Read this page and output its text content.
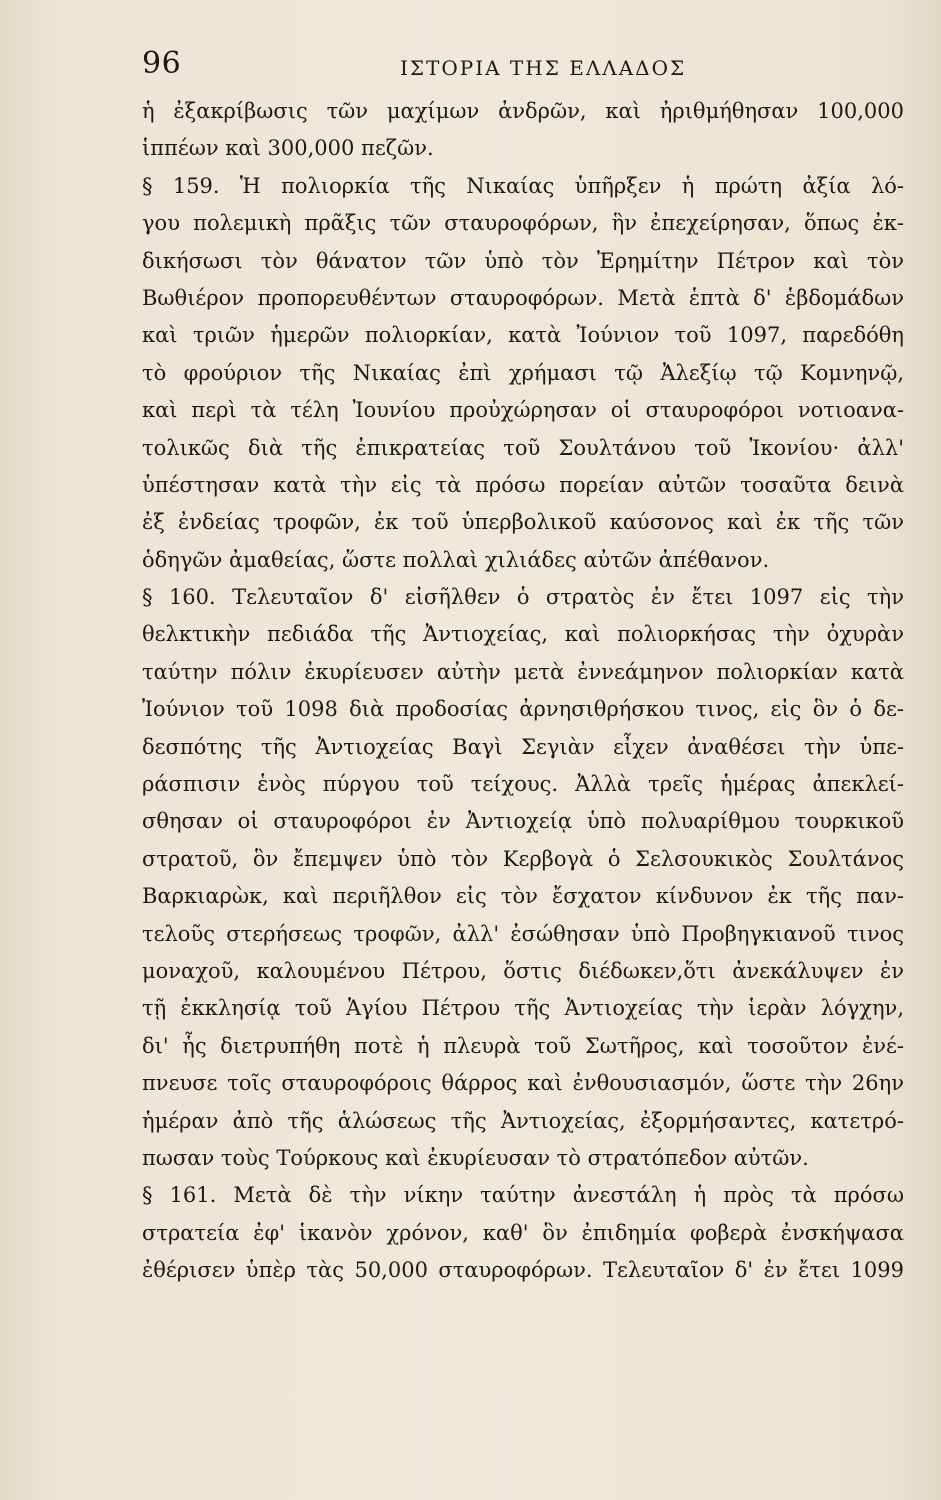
96	ΙΣΤΟΡΙΑ ΤΗΣ ΕΛΛΑΔΟΣ
ἡ ἐξακρίβωσις τῶν μαχίμων ἀνδρῶν, καὶ ἠριθμήθησαν 100,000
ἱππέων καὶ 300,000 πεζῶν.
§ 159. Ἡ πολιορκία τῆς Νικαίας ὑπῆρξεν ἡ πρώτη ἀξία λό-
γου πολεμικὴ πρᾶξις τῶν σταυροφόρων, ἣν ἐπεχείρησαν, ὅπως ἐκ-
δικήσωσι τὸν θάνατον τῶν ὑπὸ τὸν Ἐρημίτην Πέτρον καὶ τὸν
Βωθιέρον προπορευθέντων σταυροφόρων. Μετὰ ἑπτὰ δ' ἑβδομάδων
καὶ τριῶν ἡμερῶν πολιορκίαν, κατὰ Ἰούνιον τοῦ 1097, παρεδόθη
τὸ φρούριον τῆς Νικαίας ἐπὶ χρήμασι τῷ Ἀλεξίῳ τῷ Κομνηνῷ,
καὶ περὶ τὰ τέλη Ἰουνίου προὐχώρησαν οἱ σταυροφόροι νοτιοανα-
τολικῶς διὰ τῆς ἐπικρατείας τοῦ Σουλτάνου τοῦ Ἰκονίου· ἀλλ'
ὑπέστησαν κατὰ τὴν εἰς τὰ πρόσω πορείαν αὐτῶν τοσαῦτα δεινὰ
ἐξ ἐνδείας τροφῶν, ἐκ τοῦ ὑπερβολικοῦ καύσονος καὶ ἐκ τῆς τῶν
ὁδηγῶν ἀμαθείας, ὥστε πολλαὶ χιλιάδες αὐτῶν ἀπέθανον.
§ 160. Τελευταῖον δ' εἰσῆλθεν ὁ στρατὸς ἐν ἔτει 1097 εἰς τὴν
θελκτικὴν πεδιάδα τῆς Ἀντιοχείας, καὶ πολιορκήσας τὴν ὀχυρὰν
ταύτην πόλιν ἐκυρίευσεν αὐτὴν μετὰ ἐννεάμηνον πολιορκίαν κατὰ
Ἰούνιον τοῦ 1098 διὰ προδοσίας ἀρνησιθρήσκου τινος, εἰς ὃν ὁ δε-
δεσπότης τῆς Ἀντιοχείας Βαγὶ Σεγιὰν εἶχεν ἀναθέσει τὴν ὑπε-
ράσπισιν ἑνὸς πύργου τοῦ τείχους. Ἀλλὰ τρεῖς ἡμέρας ἀπεκλεί-
σθησαν οἱ σταυροφόροι ἐν Ἀντιοχείᾳ ὑπὸ πολυαρίθμου τουρκικοῦ
στρατοῦ, ὃν ἔπεμψεν ὑπὸ τὸν Κερβογὰ ὁ Σελσουκικὸς Σουλτάνος
Βαρκιαρὼκ, καὶ περιῆλθον εἰς τὸν ἔσχατον κίνδυνον ἐκ τῆς παν-
τελοῦς στερήσεως τροφῶν, ἀλλ' ἐσώθησαν ὑπὸ Προβηγκιανοῦ τινος
μοναχοῦ, καλουμένου Πέτρου, ὅστις διέδωκεν,ὅτι ἀνεκάλυψεν ἐν
τῇ ἐκκλησίᾳ τοῦ Ἁγίου Πέτρου τῆς Ἀντιοχείας τὴν ἱερὰν λόγχην,
δι' ἧς διετρυπήθη ποτὲ ἡ πλευρὰ τοῦ Σωτῆρος, καὶ τοσοῦτον ἐνέ-
πνευσε τοῖς σταυροφόροις θάρρος καὶ ἐνθουσιασμόν, ὥστε τὴν 26ην
ἡμέραν ἀπὸ τῆς ἁλώσεως τῆς Ἀντιοχείας, ἐξορμήσαντες, κατετρό-
πωσαν τοὺς Τούρκους καὶ ἐκυρίευσαν τὸ στρατόπεδον αὐτῶν.
§ 161. Μετὰ δὲ τὴν νίκην ταύτην ἀνεστάλη ἡ πρὸς τὰ πρόσω
στρατεία ἐφ' ἱκανὸν χρόνον, καθ' ὃν ἐπιδημία φοβερὰ ἐνσκήψασα
ἐθέρισεν ὑπὲρ τὰς 50,000 σταυροφόρων. Τελευταῖον δ' ἐν ἔτει 1099
